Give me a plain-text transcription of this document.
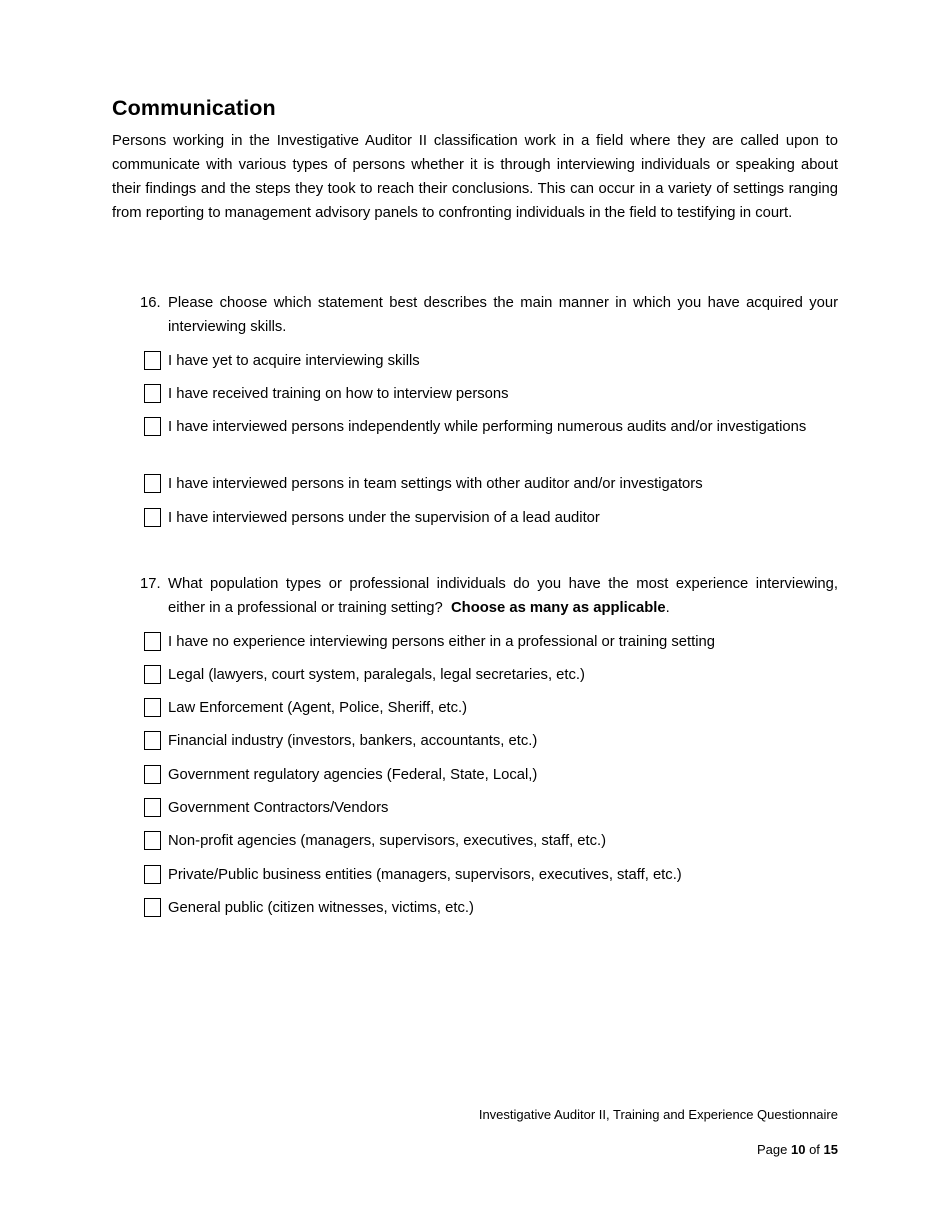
Communication
Persons working in the Investigative Auditor II classification work in a field where they are called upon to communicate with various types of persons whether it is through interviewing individuals or speaking about their findings and the steps they took to reach their conclusions. This can occur in a variety of settings ranging from reporting to management advisory panels to confronting individuals in the field to testifying in court.
16. Please choose which statement best describes the main manner in which you have acquired your interviewing skills.
I have yet to acquire interviewing skills
I have received training on how to interview persons
I have interviewed persons independently while performing numerous audits and/or investigations
I have interviewed persons in team settings with other auditor and/or investigators
I have interviewed persons under the supervision of a lead auditor
17. What population types or professional individuals do you have the most experience interviewing, either in a professional or training setting? Choose as many as applicable.
I have no experience interviewing persons either in a professional or training setting
Legal (lawyers, court system, paralegals, legal secretaries, etc.)
Law Enforcement (Agent, Police, Sheriff, etc.)
Financial industry (investors, bankers, accountants, etc.)
Government regulatory agencies (Federal, State, Local,)
Government Contractors/Vendors
Non-profit agencies (managers, supervisors, executives, staff, etc.)
Private/Public business entities (managers, supervisors, executives, staff, etc.)
General public (citizen witnesses, victims, etc.)
Investigative Auditor II, Training and Experience Questionnaire
Page 10 of 15
